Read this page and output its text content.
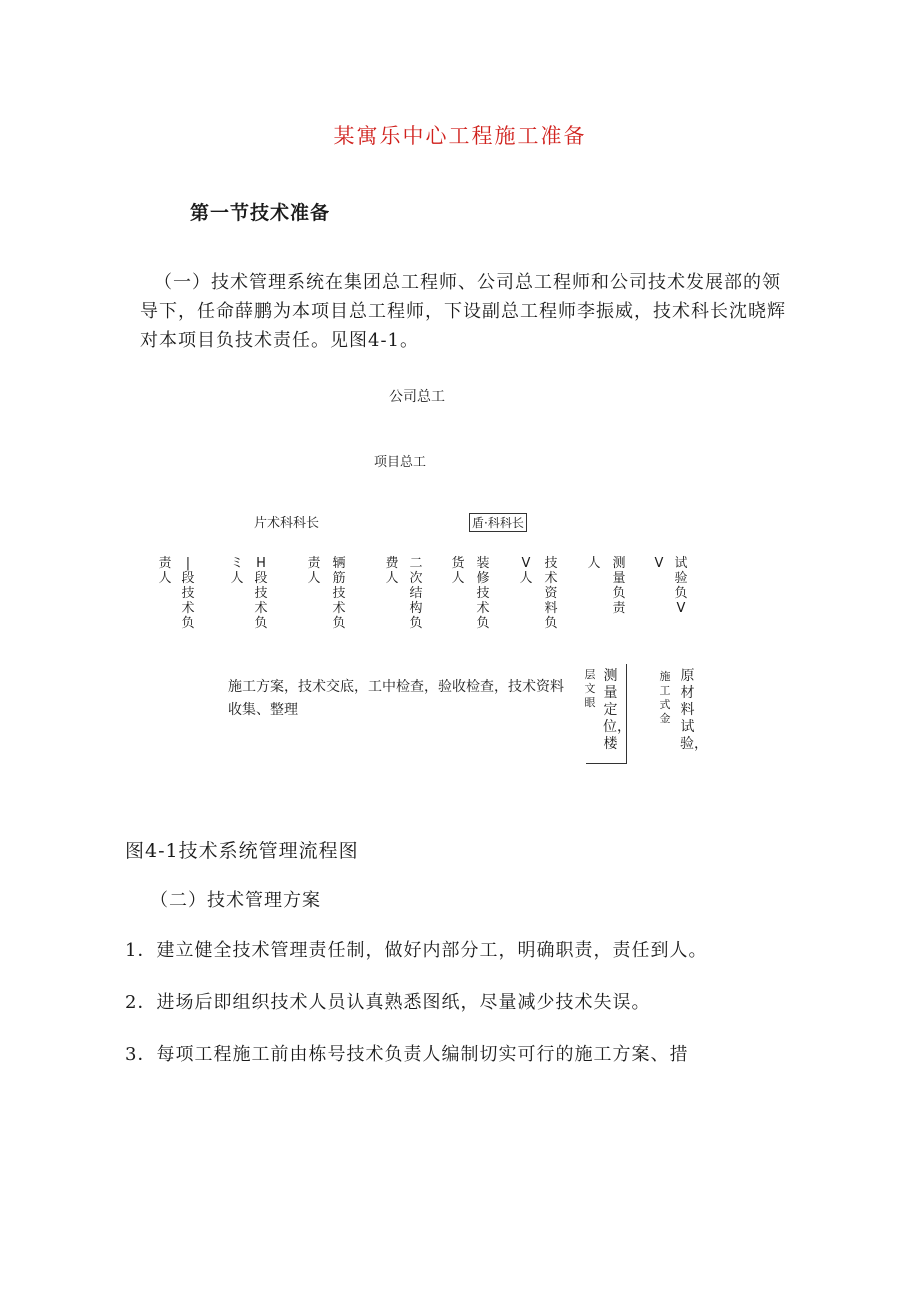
某寓乐中心工程施工准备
第一节技术准备
（一）技术管理系统在集团总工程师、公司总工程师和公司技术发展部的领导下，任命薛鹏为本项目总工程师，下设副总工程师李振威，技术科长沈晓辉对本项目负技术责任。见图4-1。
公司总工
项目总工
片术科科长	盾·科科长
责人
|段技术负
ミ人
H段技术负
责人
辆筋技术负
费人
二次结构负
货人
装修技术负
V人
技术资料负
人 测量负责
V 试验负V
施工方案，技术交底，工中检查，验收检查，技术资料收集、整理
层文眼
测量定位，楼
施工式金
原材料试验，
图4-1技术系统管理流程图
（二）技术管理方案
1．建立健全技术管理责任制，做好内部分工，明确职责，责任到人。
2．进场后即组织技术人员认真熟悉图纸，尽量减少技术失误。
3．每项工程施工前由栋号技术负责人编制切实可行的施工方案、措
